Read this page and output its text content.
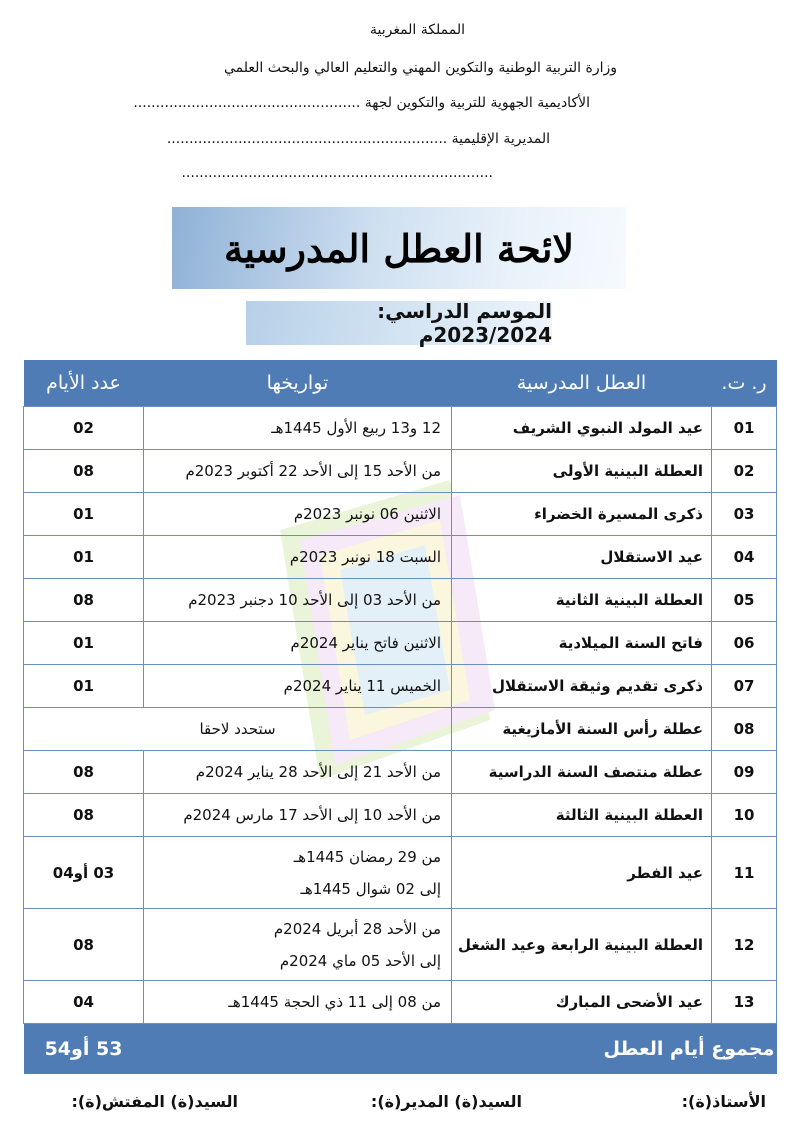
المملكة المغربية
وزارة التربية الوطنية والتكوين المهني والتعليم العالي والبحث العلمي
الأكاديمية الجهوية للتربية والتكوين لجهة ...................................................
المديرية الإقليمية ...............................................................
......................................................................
لائحة العطل المدرسية
الموسم الدراسي: 2023/2024م
ر. ت.	العطل المدرسية	تواريخها	عدد الأيام
01	عيد المولد النبوي الشريف	12 و13 ربيع الأول 1445هـ	02
02	العطلة البينية الأولى	من الأحد 15 إلى الأحد 22 أكتوبر 2023م	08
03	ذكرى المسيرة الخضراء	الاثنين 06 نونبر 2023م	01
04	عيد الاستقلال	السبت 18 نونبر 2023م	01
05	العطلة البينية الثانية	من الأحد 03 إلى الأحد 10 دجنبر 2023م	08
06	فاتح السنة الميلادية	الاثنين فاتح يناير 2024م	01
07	ذكرى تقديم وثيقة الاستقلال	الخميس 11 يناير 2024م	01
08	عطلة رأس السنة الأمازيغية	ستحدد لاحقا	
09	عطلة منتصف السنة الدراسية	من الأحد 21 إلى الأحد 28 يناير 2024م	08
10	العطلة البينية الثالثة	من الأحد 10 إلى الأحد 17 مارس 2024م	08
11	عيد الفطر	من 29 رمضان 1445هـ
إلى 02 شوال 1445هـ	03 أو04
12	العطلة البينية الرابعة وعيد الشغل	من الأحد 28 أبريل 2024م
إلى الأحد 05 ماي 2024م	08
13	عيد الأضحى المبارك	من 08 إلى 11 ذي الحجة 1445هـ	04
مجموع أيام العطل			53 أو54
الأستاذ(ة):
السيد(ة) المدير(ة):
السيد(ة) المفتش(ة):
